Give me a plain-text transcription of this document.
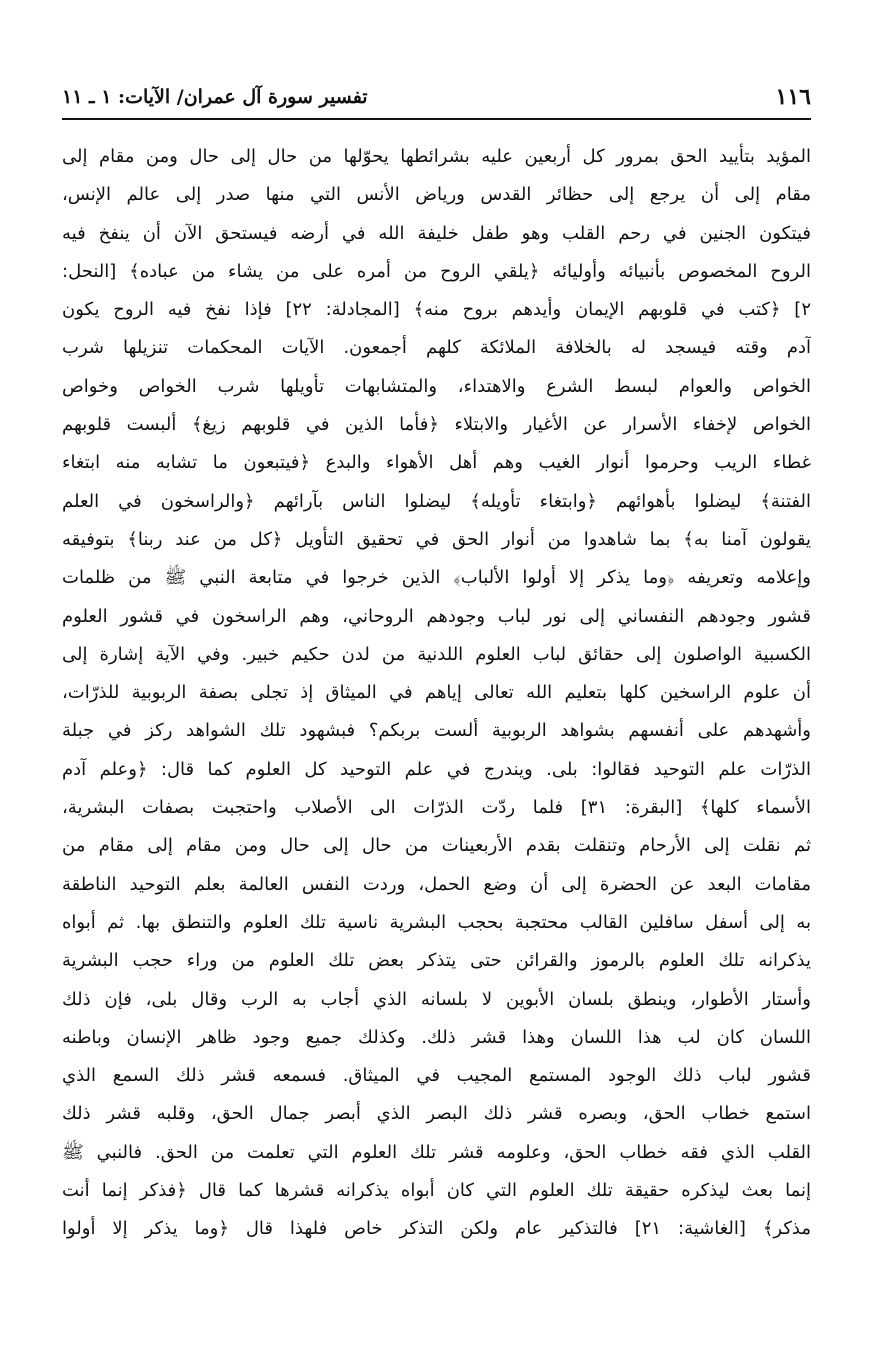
١١٦
تفسير سورة آل عمران/ الآيات: ١ ـ ١١
المؤيد بتأييد الحق بمرور كل أربعين عليه بشرائطها يحوّلها من حال إلى حال ومن مقام إلى
مقام إلى أن يرجع إلى حظائر القدس ورياض الأنس التي منها صدر إلى عالم الإنس،
فيتكون الجنين في رحم القلب وهو طفل خليفة الله في أرضه فيستحق الآن أن ينفخ فيه
الروح المخصوص بأنبيائه وأوليائه ﴿يلقي الروح من أمره على من يشاء من عباده﴾ [النحل:
٢] ﴿كتب في قلوبهم الإيمان وأيدهم بروح منه﴾ [المجادلة: ٢٢] فإذا نفخ فيه الروح يكون
آدم وقته فيسجد له بالخلافة الملائكة كلهم أجمعون. الآيات المحكمات تنزيلها شرب
الخواص والعوام لبسط الشرع والاهتداء، والمتشابهات تأويلها شرب الخواص وخواص
الخواص لإخفاء الأسرار عن الأغيار والابتلاء ﴿فأما الذين في قلوبهم زيغ﴾ ألبست قلوبهم
غطاء الريب وحرموا أنوار الغيب وهم أهل الأهواء والبدع ﴿فيتبعون ما تشابه منه ابتغاء
الفتنة﴾ ليضلوا بأهوائهم ﴿وابتغاء تأويله﴾ ليضلوا الناس بآرائهم ﴿والراسخون في العلم
يقولون آمنا به﴾ بما شاهدوا من أنوار الحق في تحقيق التأويل ﴿كل من عند ربنا﴾ بتوفيقه
وإعلامه وتعريفه ﴿وما يذكر إلا أولوا الألباب﴾ الذين خرجوا في متابعة النبي ﷺ من ظلمات
قشور وجودهم النفساني إلى نور لباب وجودهم الروحاني، وهم الراسخون في قشور العلوم
الكسبية الواصلون إلى حقائق لباب العلوم اللدنية من لدن حكيم خبير. وفي الآية إشارة إلى
أن علوم الراسخين كلها بتعليم الله تعالى إياهم في الميثاق إذ تجلى بصفة الربوبية للذرّات،
وأشهدهم على أنفسهم بشواهد الربوبية ألست بربكم؟ فبشهود تلك الشواهد ركز في جبلة
الذرّات علم التوحيد فقالوا: بلى. ويندرج في علم التوحيد كل العلوم كما قال: ﴿وعلم آدم
الأسماء كلها﴾ [البقرة: ٣١] فلما ردّت الذرّات الى الأصلاب واحتجبت بصفات البشرية،
ثم نقلت إلى الأرحام وتنقلت بقدم الأربعينات من حال إلى حال ومن مقام إلى مقام من
مقامات البعد عن الحضرة إلى أن وضع الحمل، وردت النفس العالمة بعلم التوحيد الناطقة
به إلى أسفل سافلين القالب محتجبة بحجب البشرية ناسية تلك العلوم والتنطق بها. ثم أبواه
يذكرانه تلك العلوم بالرموز والقرائن حتى يتذكر بعض تلك العلوم من وراء حجب البشرية
وأستار الأطوار، وينطق بلسان الأبوين لا بلسانه الذي أجاب به الرب وقال بلى، فإن ذلك
اللسان كان لب هذا اللسان وهذا قشر ذلك. وكذلك جميع وجود ظاهر الإنسان وباطنه
قشور لباب ذلك الوجود المستمع المجيب في الميثاق. فسمعه قشر ذلك السمع الذي
استمع خطاب الحق، وبصره قشر ذلك البصر الذي أبصر جمال الحق، وقلبه قشر ذلك
القلب الذي فقه خطاب الحق، وعلومه قشر تلك العلوم التي تعلمت من الحق. فالنبي ﷺ
إنما بعث ليذكره حقيقة تلك العلوم التي كان أبواه يذكرانه قشرها كما قال ﴿فذكر إنما أنت
مذكر﴾ [الغاشية: ٢١] فالتذكير عام ولكن التذكر خاص فلهذا قال ﴿وما يذكر إلا أولوا
